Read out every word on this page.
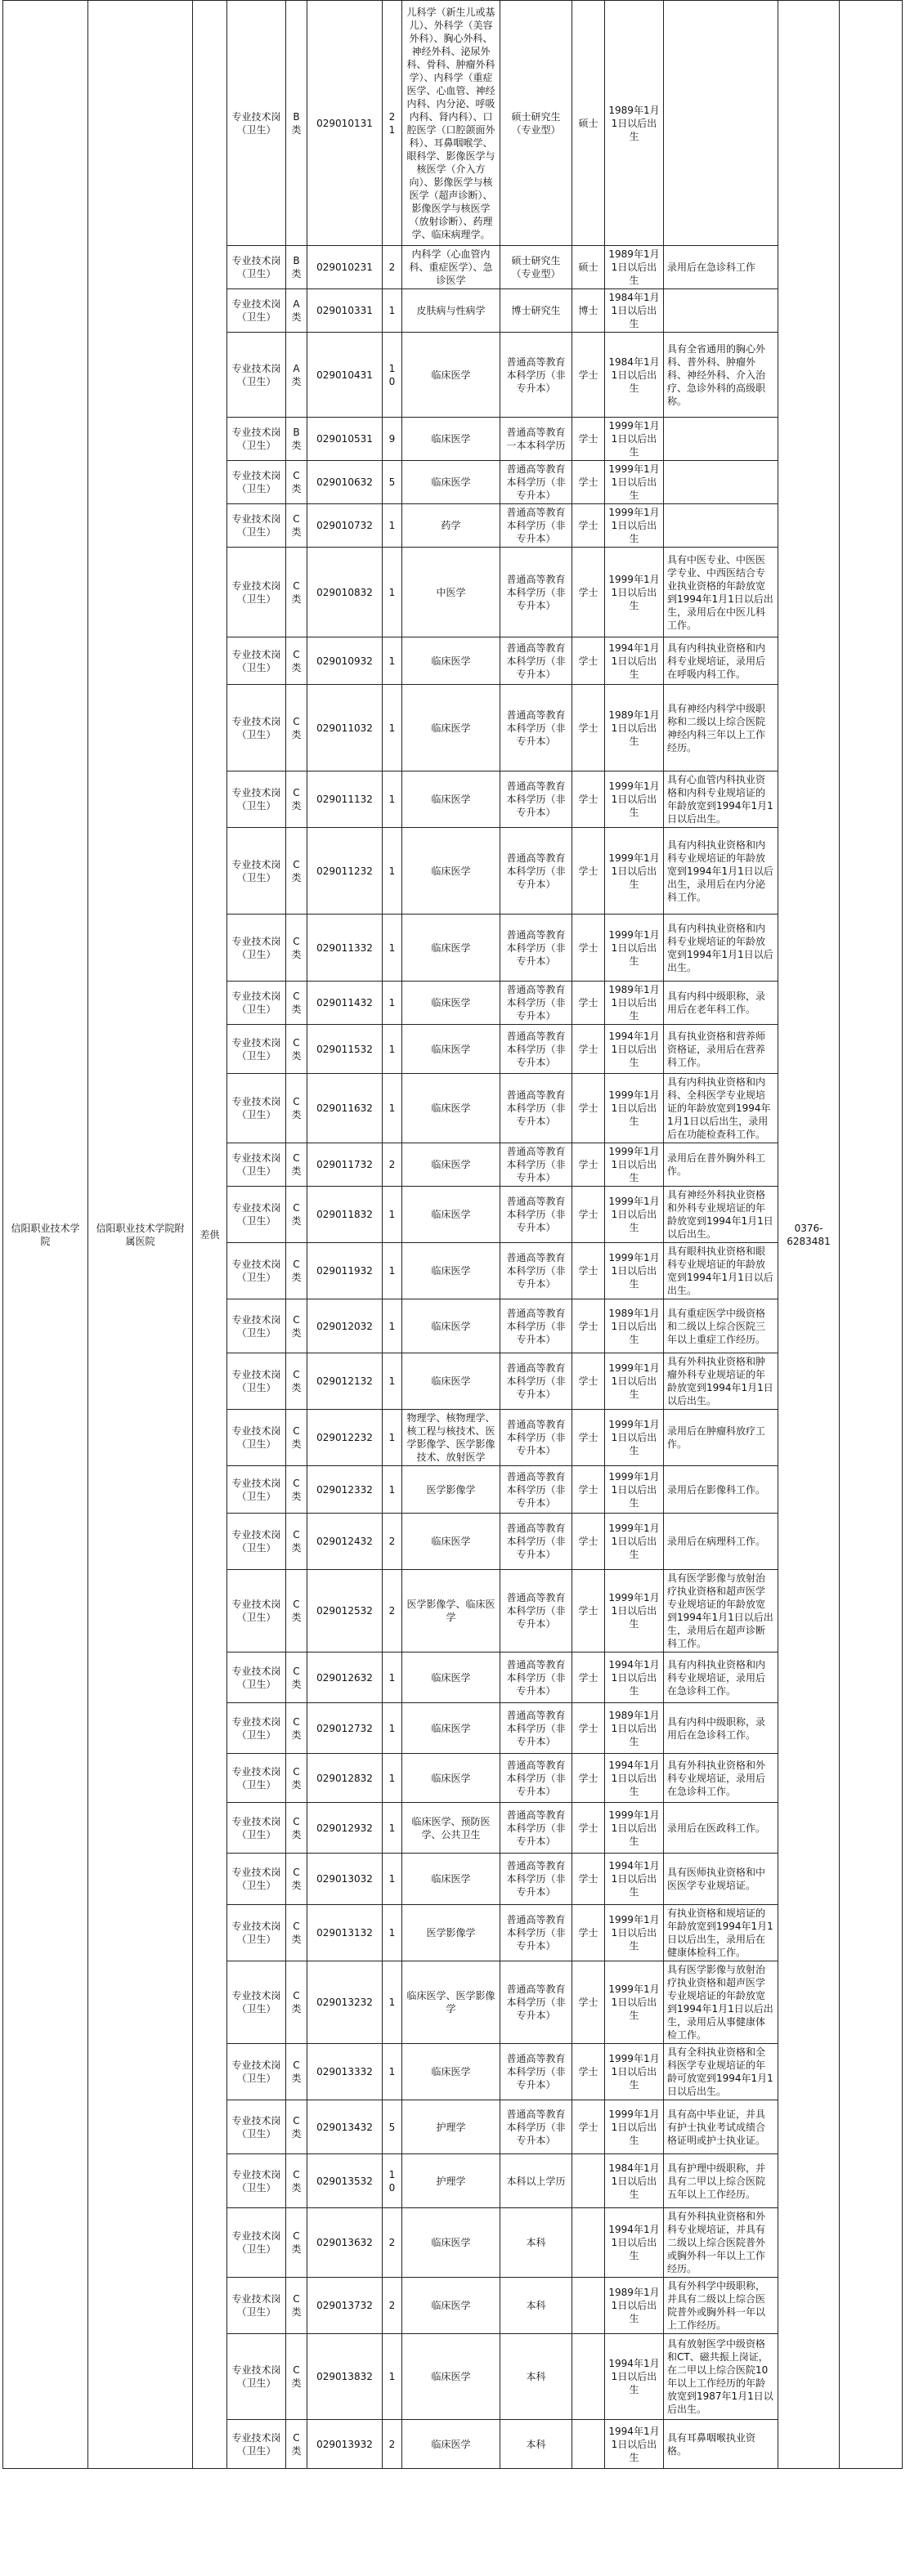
信阳职业技术学院	信阳职业技术学院附属医院	差供	专业技术岗（卫生）	B类	029010131	21	儿科学（新生儿或基儿）、外科学（美容外科）、胸心外科、神经外科、泌尿外科、骨科、肿瘤外科学）、内科学（重症医学、心血管、神经内科、内分泌、呼吸内科、肾内科）、口腔医学（口腔颌面外科）、耳鼻咽喉学、眼科学、影像医学与核医学（介入方向）、影像医学与核医学（超声诊断）、影像医学与核医学（放射诊断）、药理学、临床病理学。	硕士研究生（专业型）	硕士	1989年1月1日以后出生		0376-6283481	
			专业技术岗（卫生）	B类	029010231	2	内科学（心血管内科、重症医学）、急诊医学	硕士研究生（专业型）	硕士	1989年1月1日以后出生	录用后在急诊科工作		
			专业技术岗（卫生）	A类	029010331	1	皮肤病与性病学	博士研究生	博士	1984年1月1日以后出生			
			专业技术岗（卫生）	A类	029010431	10	临床医学	普通高等教育本科学历（非专升本）	学士	1984年1月1日以后出生	具有全省通用的胸心外科、普外科、肿瘤外科、神经外科、介入治疗、急诊外科的高级职称。		
			专业技术岗（卫生）	B类	029010531	9	临床医学	普通高等教育一本本科学历	学士	1999年1月1日以后出生			
			专业技术岗（卫生）	C类	029010632	5	临床医学	普通高等教育本科学历（非专升本）	学士	1999年1月1日以后出生			
			专业技术岗（卫生）	C类	029010732	1	药学	普通高等教育本科学历（非专升本）	学士	1999年1月1日以后出生			
			专业技术岗（卫生）	C类	029010832	1	中医学	普通高等教育本科学历（非专升本）	学士	1999年1月1日以后出生	具有中医专业、中医医学专业、中西医结合专业执业资格的年龄放宽到1994年1月1日以后出生，录用后在中医儿科工作。		
			专业技术岗（卫生）	C类	029010932	1	临床医学	普通高等教育本科学历（非专升本）	学士	1994年1月1日以后出生	具有内科执业资格和内科专业规培证，录用后在呼吸内科工作。		
			专业技术岗（卫生）	C类	029011032	1	临床医学	普通高等教育本科学历（非专升本）	学士	1989年1月1日以后出生	具有神经内科学中级职称和二级以上综合医院神经内科三年以上工作经历。		
			专业技术岗（卫生）	C类	029011132	1	临床医学	普通高等教育本科学历（非专升本）	学士	1999年1月1日以后出生	具有心血管内科执业资格和内科专业规培证的年龄放宽到1994年1月1日以后出生。		
			专业技术岗（卫生）	C类	029011232	1	临床医学	普通高等教育本科学历（非专升本）	学士	1999年1月1日以后出生	具有内科执业资格和内科专业规培证的年龄放宽到1994年1月1日以后出生，录用后在内分泌科工作。		
			专业技术岗（卫生）	C类	029011332	1	临床医学	普通高等教育本科学历（非专升本）	学士	1999年1月1日以后出生	具有内科执业资格和内科专业规培证的年龄放宽到1994年1月1日以后出生。		
			专业技术岗（卫生）	C类	029011432	1	临床医学	普通高等教育本科学历（非专升本）	学士	1989年1月1日以后出生	具有内科中级职称，录用后在老年科工作。		
			专业技术岗（卫生）	C类	029011532	1	临床医学	普通高等教育本科学历（非专升本）	学士	1994年1月1日以后出生	具有执业资格和营养师资格证，录用后在营养科工作。		
			专业技术岗（卫生）	C类	029011632	1	临床医学	普通高等教育本科学历（非专升本）	学士	1999年1月1日以后出生	具有内科执业资格和内科、全科医学专业规培证的年龄放宽到1994年1月1日以后出生，录用后在功能检查科工作。		
			专业技术岗（卫生）	C类	029011732	2	临床医学	普通高等教育本科学历（非专升本）	学士	1999年1月1日以后出生	录用后在普外胸外科工作。		
			专业技术岗（卫生）	C类	029011832	1	临床医学	普通高等教育本科学历（非专升本）	学士	1999年1月1日以后出生	具有神经外科执业资格和外科专业规培证的年龄放宽到1994年1月1日以后出生。		
			专业技术岗（卫生）	C类	029011932	1	临床医学	普通高等教育本科学历（非专升本）	学士	1999年1月1日以后出生	具有眼科执业资格和眼科专业规培证的年龄放宽到1994年1月1日以后出生。		
			专业技术岗（卫生）	C类	029012032	1	临床医学	普通高等教育本科学历（非专升本）	学士	1989年1月1日以后出生	具有重症医学中级资格和二级以上综合医院三年以上重症工作经历。		
			专业技术岗（卫生）	C类	029012132	1	临床医学	普通高等教育本科学历（非专升本）	学士	1999年1月1日以后出生	具有外科执业资格和肿瘤外科专业规培证的年龄放宽到1994年1月1日以后出生。		
			专业技术岗（卫生）	C类	029012232	1	物理学、核物理学、核工程与核技术、医学影像学、医学影像技术、放射医学	普通高等教育本科学历（非专升本）	学士	1999年1月1日以后出生	录用后在肿瘤科放疗工作。		
			专业技术岗（卫生）	C类	029012332	1	医学影像学	普通高等教育本科学历（非专升本）	学士	1999年1月1日以后出生	录用后在影像科工作。		
			专业技术岗（卫生）	C类	029012432	2	临床医学	普通高等教育本科学历（非专升本）	学士	1999年1月1日以后出生	录用后在病理科工作。		
			专业技术岗（卫生）	C类	029012532	2	医学影像学、临床医学	普通高等教育本科学历（非专升本）	学士	1999年1月1日以后出生	具有医学影像与放射治疗执业资格和超声医学专业规培证的年龄放宽到1994年1月1日以后出生，录用后在超声诊断科工作。		
			专业技术岗（卫生）	C类	029012632	1	临床医学	普通高等教育本科学历（非专升本）	学士	1994年1月1日以后出生	具有内科执业资格和内科专业规培证，录用后在急诊科工作。		
			专业技术岗（卫生）	C类	029012732	1	临床医学	普通高等教育本科学历（非专升本）	学士	1989年1月1日以后出生	具有内科中级职称，录用后在急诊科工作。		
			专业技术岗（卫生）	C类	029012832	1	临床医学	普通高等教育本科学历（非专升本）	学士	1994年1月1日以后出生	具有外科执业资格和外科专业规培证，录用后在急诊科工作。		
			专业技术岗（卫生）	C类	029012932	1	临床医学、预防医学、公共卫生	普通高等教育本科学历（非专升本）	学士	1999年1月1日以后出生	录用后在医政科工作。		
			专业技术岗（卫生）	C类	029013032	1	临床医学	普通高等教育本科学历（非专升本）	学士	1994年1月1日以后出生	具有医师执业资格和中医医学专业规培证。		
			专业技术岗（卫生）	C类	029013132	1	医学影像学	普通高等教育本科学历（非专升本）	学士	1999年1月1日以后出生	有执业资格和规培证的年龄放宽到1994年1月1日以后出生，录用后在健康体检科工作。		
			专业技术岗（卫生）	C类	029013232	1	临床医学、医学影像学	普通高等教育本科学历（非专升本）	学士	1999年1月1日以后出生	具有医学影像与放射治疗执业资格和超声医学专业规培证的年龄放宽到1994年1月1日以后出生，录用后从事健康体检工作。		
			专业技术岗（卫生）	C类	029013332	1	临床医学	普通高等教育本科学历（非专升本）	学士	1999年1月1日以后出生	具有全科执业资格和全科医学专业规培证的年龄可放宽到1994年1月1日以后出生。		
			专业技术岗（卫生）	C类	029013432	5	护理学	普通高等教育本科学历（非专升本）	学士	1999年1月1日以后出生	具有高中毕业证，并具有护士执业考试成绩合格证明或护士执业证。		
			专业技术岗（卫生）	C类	029013532	10	护理学	本科以上学历		1984年1月1日以后出生	具有护理中级职称，并具有二甲以上综合医院五年以上工作经历。		
			专业技术岗（卫生）	C类	029013632	2	临床医学	本科		1994年1月1日以后出生	具有外科执业资格和外科专业规培证，并具有二级以上综合医院普外或胸外科一年以上工作经历。		
			专业技术岗（卫生）	C类	029013732	2	临床医学	本科		1989年1月1日以后出生	具有外科学中级职称，并具有二级以上综合医院普外或胸外科一年以上工作经历。		
			专业技术岗（卫生）	C类	029013832	1	临床医学	本科		1994年1月1日以后出生	具有放射医学中级资格和CT、磁共振上岗证，在二甲以上综合医院10年以上工作经历的年龄放宽到1987年1月1日以后出生。		
			专业技术岗（卫生）	C类	029013932	2	临床医学	本科		1994年1月1日以后出生	具有耳鼻咽喉执业资格。		
